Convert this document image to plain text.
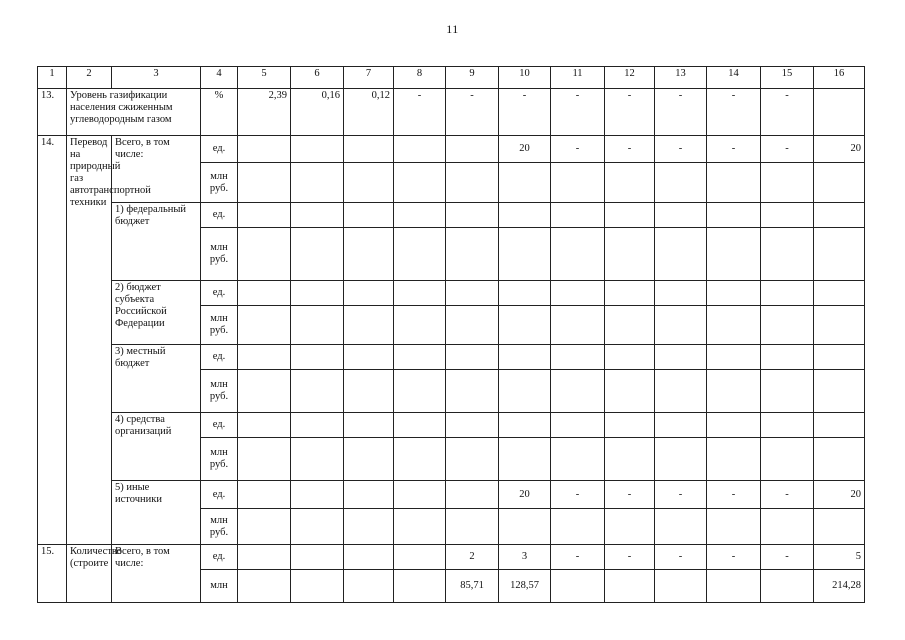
11
1	2	3	4	5	6	7	8	9	10	11	12	13	14	15	16
13.	Уровень газификации населения сжиженным углеводородным газом		%	2,39	0,16	0,12	-	-	-	-	-	-	-	-	
14.	Перевод на природный газ автотранспортной техники	Всего, в том числе:	ед.						20	-	-	-	-	-	20
			млн руб.												
		1) федеральный бюджет	ед.												
			млн руб.												
		2) бюджет субъекта Российской Федерации	ед.												
			млн руб.												
		3) местный бюджет	ед.												
			млн руб.												
		4) средства организаций	ед.												
			млн руб.												
		5) иные источники	ед.						20	-	-	-	-	-	20
			млн руб.												
15.	Количество (строите	Всего, в том числе:	ед.					2	3	-	-	-	-	-	5
			млн					85,71	128,57						214,28
